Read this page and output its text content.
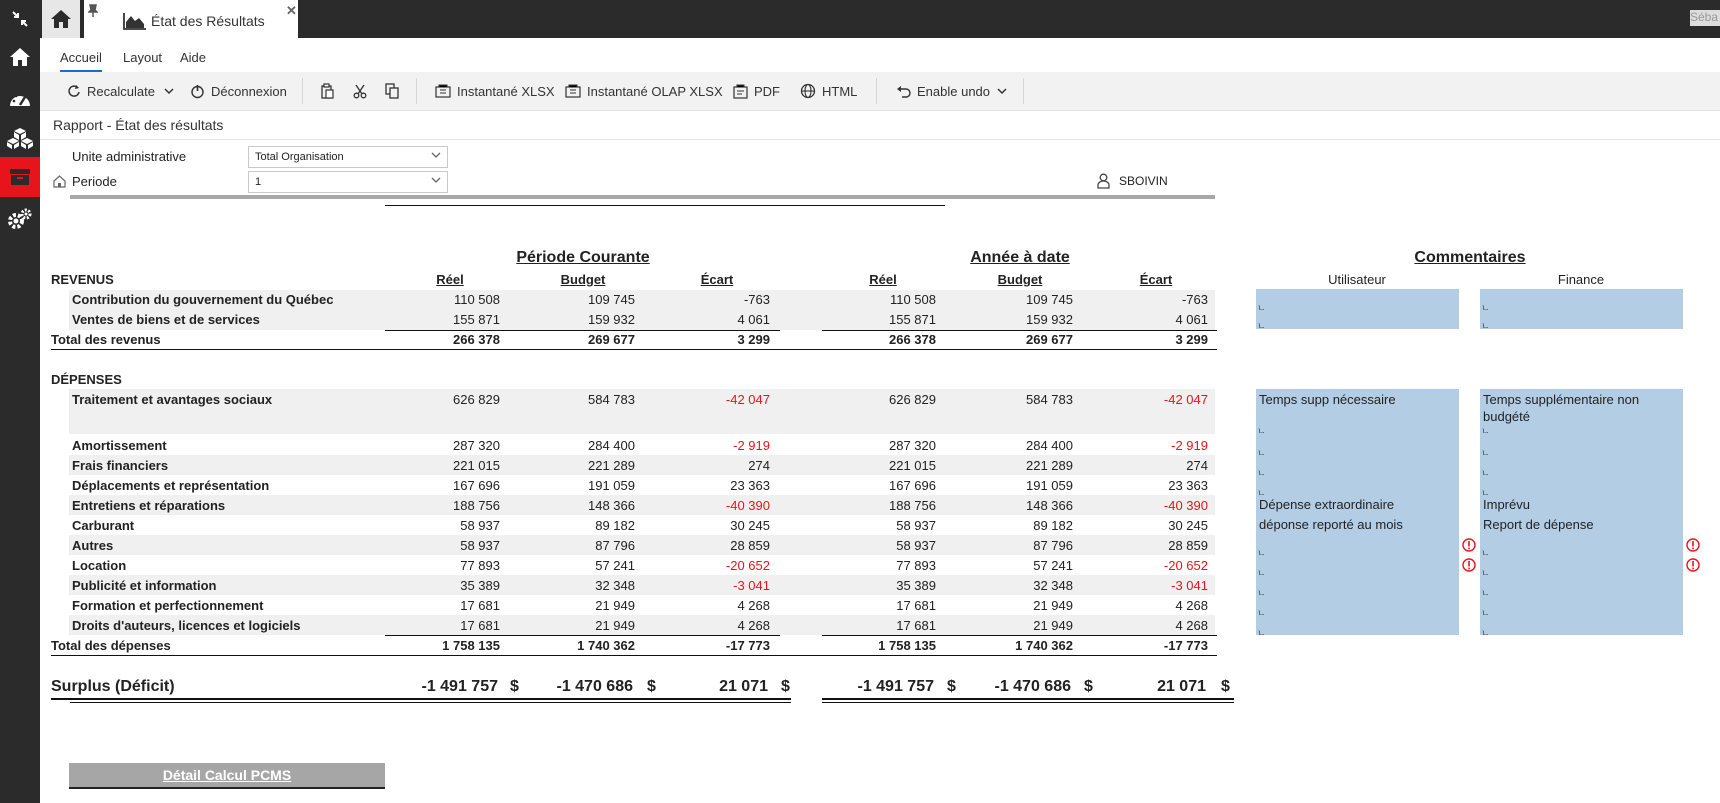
État des Résultats
✕	Séba
Accueil Layout Aide
Recalculate	Déconnexion	Instantané XLSX Instantané OLAP XLSX PDF	HTML	Enable undo
Rapport - État des résultats
Unite administrative	Total Organisation
Periode	1	SBOIVIN
Période Courante	Année à date	Commentaires
REVENUS	Réel	Budget	Écart	Réel	Budget	Écart	Utilisateur	Finance
Contribution du gouvernement du Québec	110 508	109 745	-763	110 508	109 745	-763
Ventes de biens et de services	155 871	159 932	4 061	155 871	159 932	4 061
Total des revenus	266 378	269 677	3 299	266 378	269 677	3 299
ㄴ
ㄴ
ㄴ
ㄴ
DÉPENSES
Traitement et avantages sociaux	626 829	584 783	-42 047	626 829	584 783	-42 047
Amortissement	287 320	284 400	-2 919	287 320	284 400	-2 919
Frais financiers	221 015	221 289	274	221 015	221 289	274
Déplacements et représentation	167 696	191 059	23 363	167 696	191 059	23 363
Entretiens et réparations	188 756	148 366	-40 390	188 756	148 366	-40 390
Carburant	58 937	89 182	30 245	58 937	89 182	30 245
Autres	58 937	87 796	28 859	58 937	87 796	28 859
Location	77 893	57 241	-20 652	77 893	57 241	-20 652
Publicité et information	35 389	32 348	-3 041	35 389	32 348	-3 041
Formation et perfectionnement	17 681	21 949	4 268	17 681	21 949	4 268
Droits d'auteurs, licences et logiciels	17 681	21 949	4 268	17 681	21 949	4 268
Total des dépenses	1 758 135	1 740 362	-17 773	1 758 135	1 740 362	-17 773
Temps supp nécessaire
Dépense extraordinaire
déponse reporté au mois
ㄴ
ㄴ
ㄴ
ㄴ
ㄴ
ㄴ
ㄴ
ㄴ
ㄴ
Temps supplémentaire non budgété
Imprévu
Report de dépense
ㄴ
ㄴ
ㄴ
ㄴ
ㄴ
ㄴ
ㄴ
ㄴ
ㄴ
Surplus (Déficit)	-1 491 757 $	-1 470 686 $	21 071 $	-1 491 757 $	-1 470 686 $	21 071 $
Détail Calcul PCMS
